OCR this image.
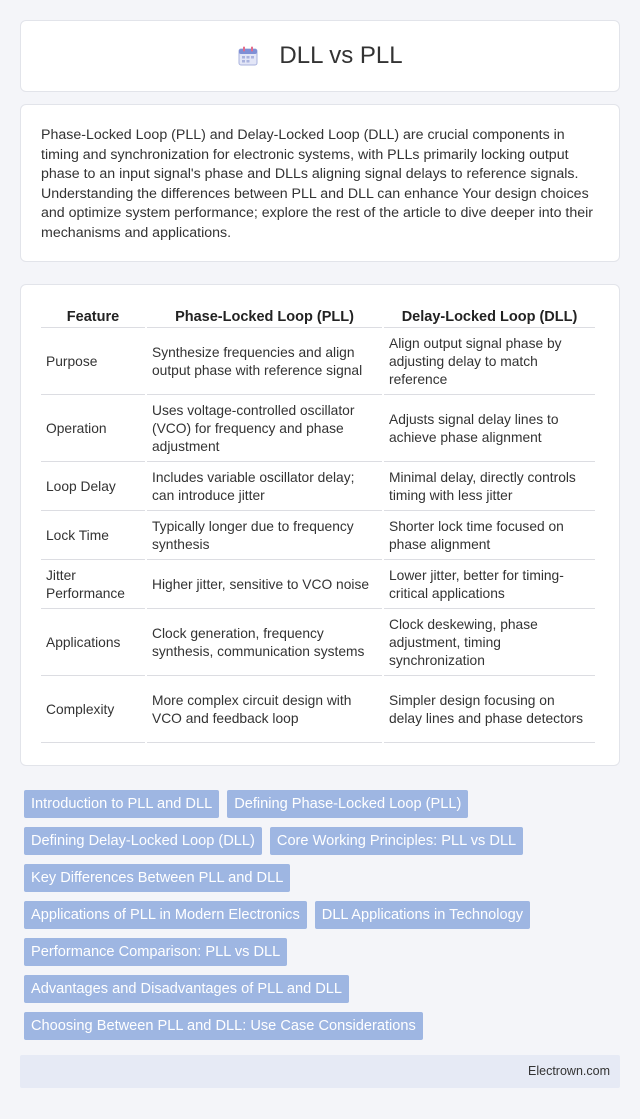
DLL vs PLL

Phase-Locked Loop (PLL) and Delay-Locked Loop (DLL) are crucial components in timing and synchronization for electronic systems, with PLLs primarily locking output phase to an input signal's phase and DLLs aligning signal delays to reference signals. Understanding the differences between PLL and DLL can enhance Your design choices and optimize system performance; explore the rest of the article to dive deeper into their mechanisms and applications.

Feature	Phase-Locked Loop (PLL)	Delay-Locked Loop (DLL)
Purpose	Synthesize frequencies and align output phase with reference signal	Align output signal phase by adjusting delay to match reference
Operation	Uses voltage-controlled oscillator (VCO) for frequency and phase adjustment	Adjusts signal delay lines to achieve phase alignment
Loop Delay	Includes variable oscillator delay; can introduce jitter	Minimal delay, directly controls timing with less jitter
Lock Time	Typically longer due to frequency synthesis	Shorter lock time focused on phase alignment
Jitter Performance	Higher jitter, sensitive to VCO noise	Lower jitter, better for timing-critical applications
Applications	Clock generation, frequency synthesis, communication systems	Clock deskewing, phase adjustment, timing synchronization
Complexity	More complex circuit design with VCO and feedback loop	Simpler design focusing on delay lines and phase detectors
Introduction to PLL and DLL	Defining Phase-Locked Loop (PLL)
Defining Delay-Locked Loop (DLL)	Core Working Principles: PLL vs DLL
Key Differences Between PLL and DLL
Applications of PLL in Modern Electronics	DLL Applications in Technology
Performance Comparison: PLL vs DLL
Advantages and Disadvantages of PLL and DLL
Choosing Between PLL and DLL: Use Case Considerations
Electrown.com
